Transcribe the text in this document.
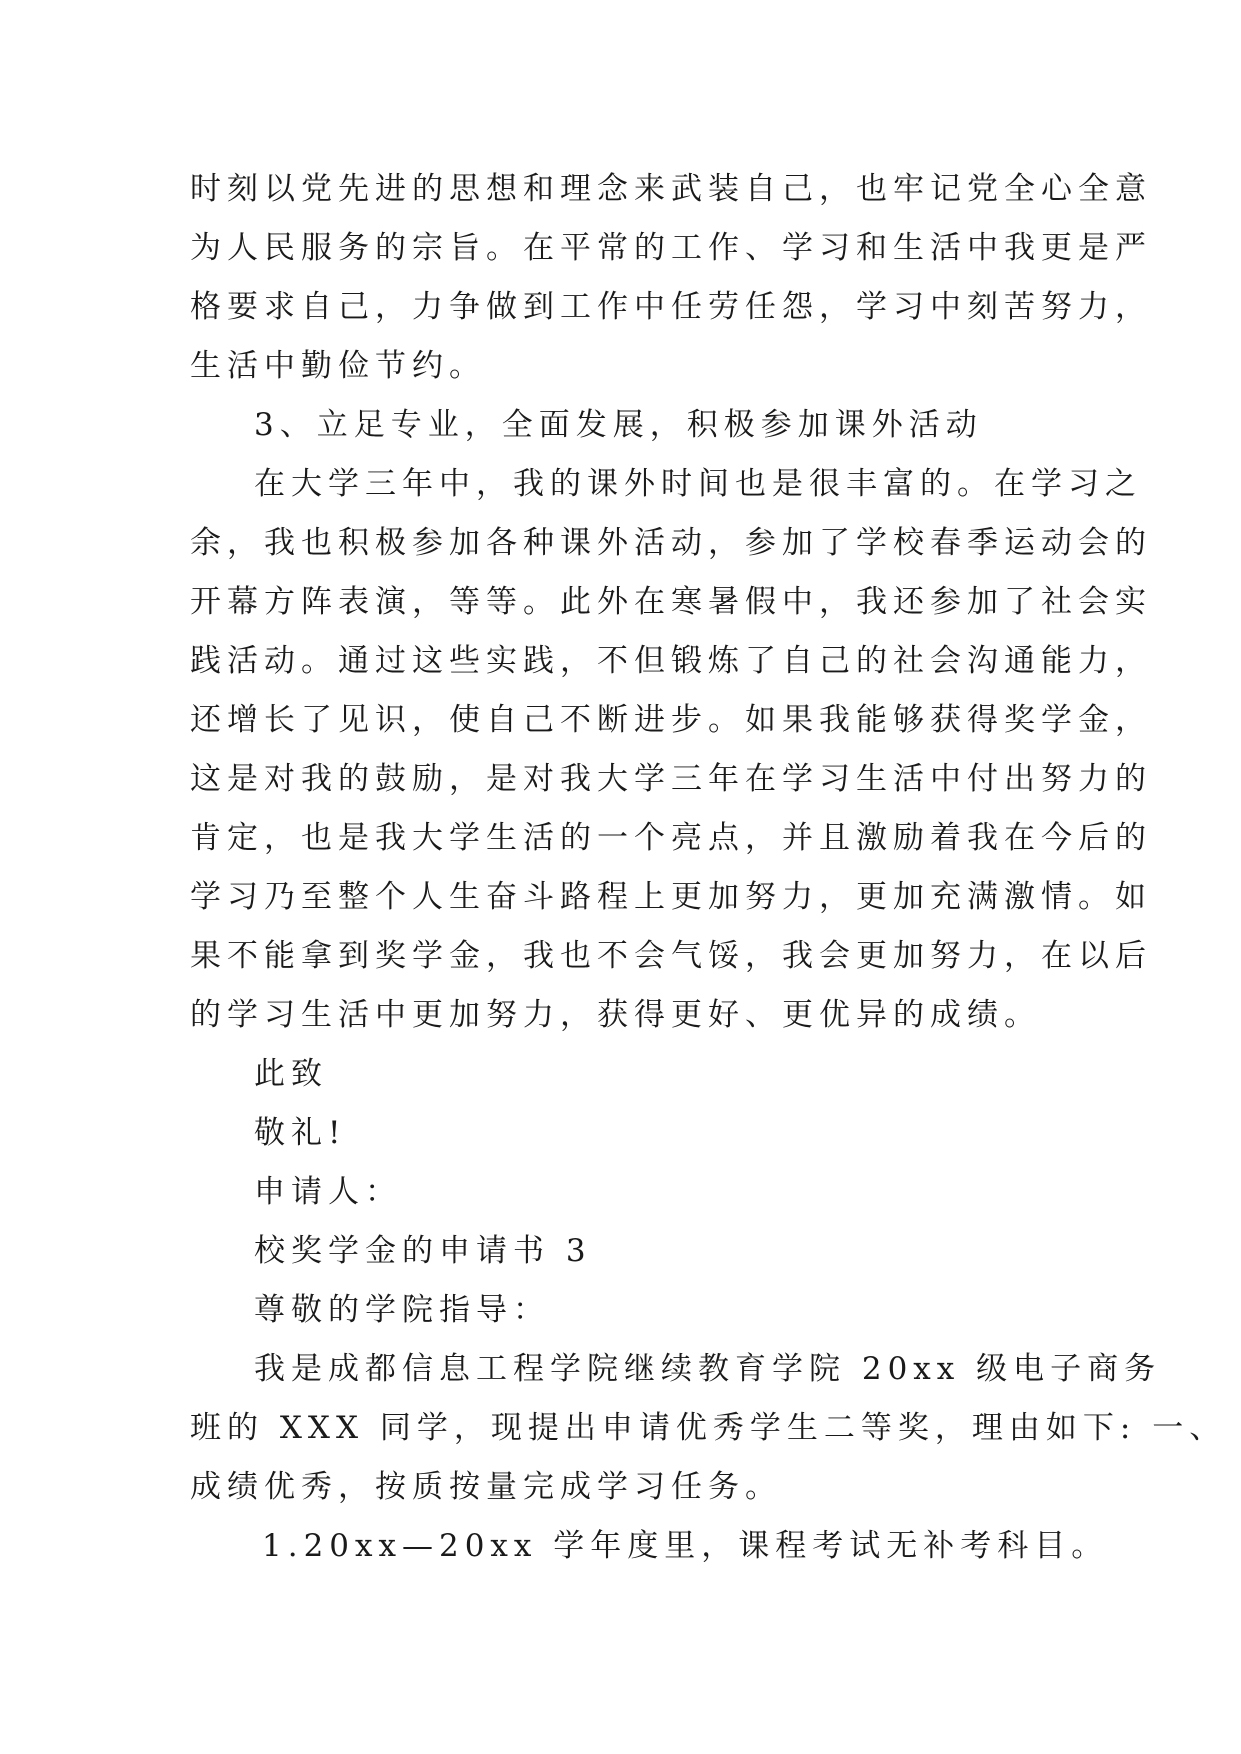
时刻以党先进的思想和理念来武装自己，也牢记党全心全意
为人民服务的宗旨。在平常的工作、学习和生活中我更是严
格要求自己，力争做到工作中任劳任怨，学习中刻苦努力，
生活中勤俭节约。
3、立足专业，全面发展，积极参加课外活动
在大学三年中，我的课外时间也是很丰富的。在学习之
余，我也积极参加各种课外活动，参加了学校春季运动会的
开幕方阵表演，等等。此外在寒暑假中，我还参加了社会实
践活动。通过这些实践，不但锻炼了自己的社会沟通能力，
还增长了见识，使自己不断进步。如果我能够获得奖学金，
这是对我的鼓励，是对我大学三年在学习生活中付出努力的
肯定，也是我大学生活的一个亮点，并且激励着我在今后的
学习乃至整个人生奋斗路程上更加努力，更加充满激情。如
果不能拿到奖学金，我也不会气馁，我会更加努力，在以后
的学习生活中更加努力，获得更好、更优异的成绩。
此致
敬礼!
申请人：
校奖学金的申请书 3
尊敬的学院指导：
我是成都信息工程学院继续教育学院 20xx 级电子商务
班的 XXX 同学，现提出申请优秀学生二等奖，理由如下: 一、
成绩优秀，按质按量完成学习任务。
1.20xx—20xx 学年度里，课程考试无补考科目。
